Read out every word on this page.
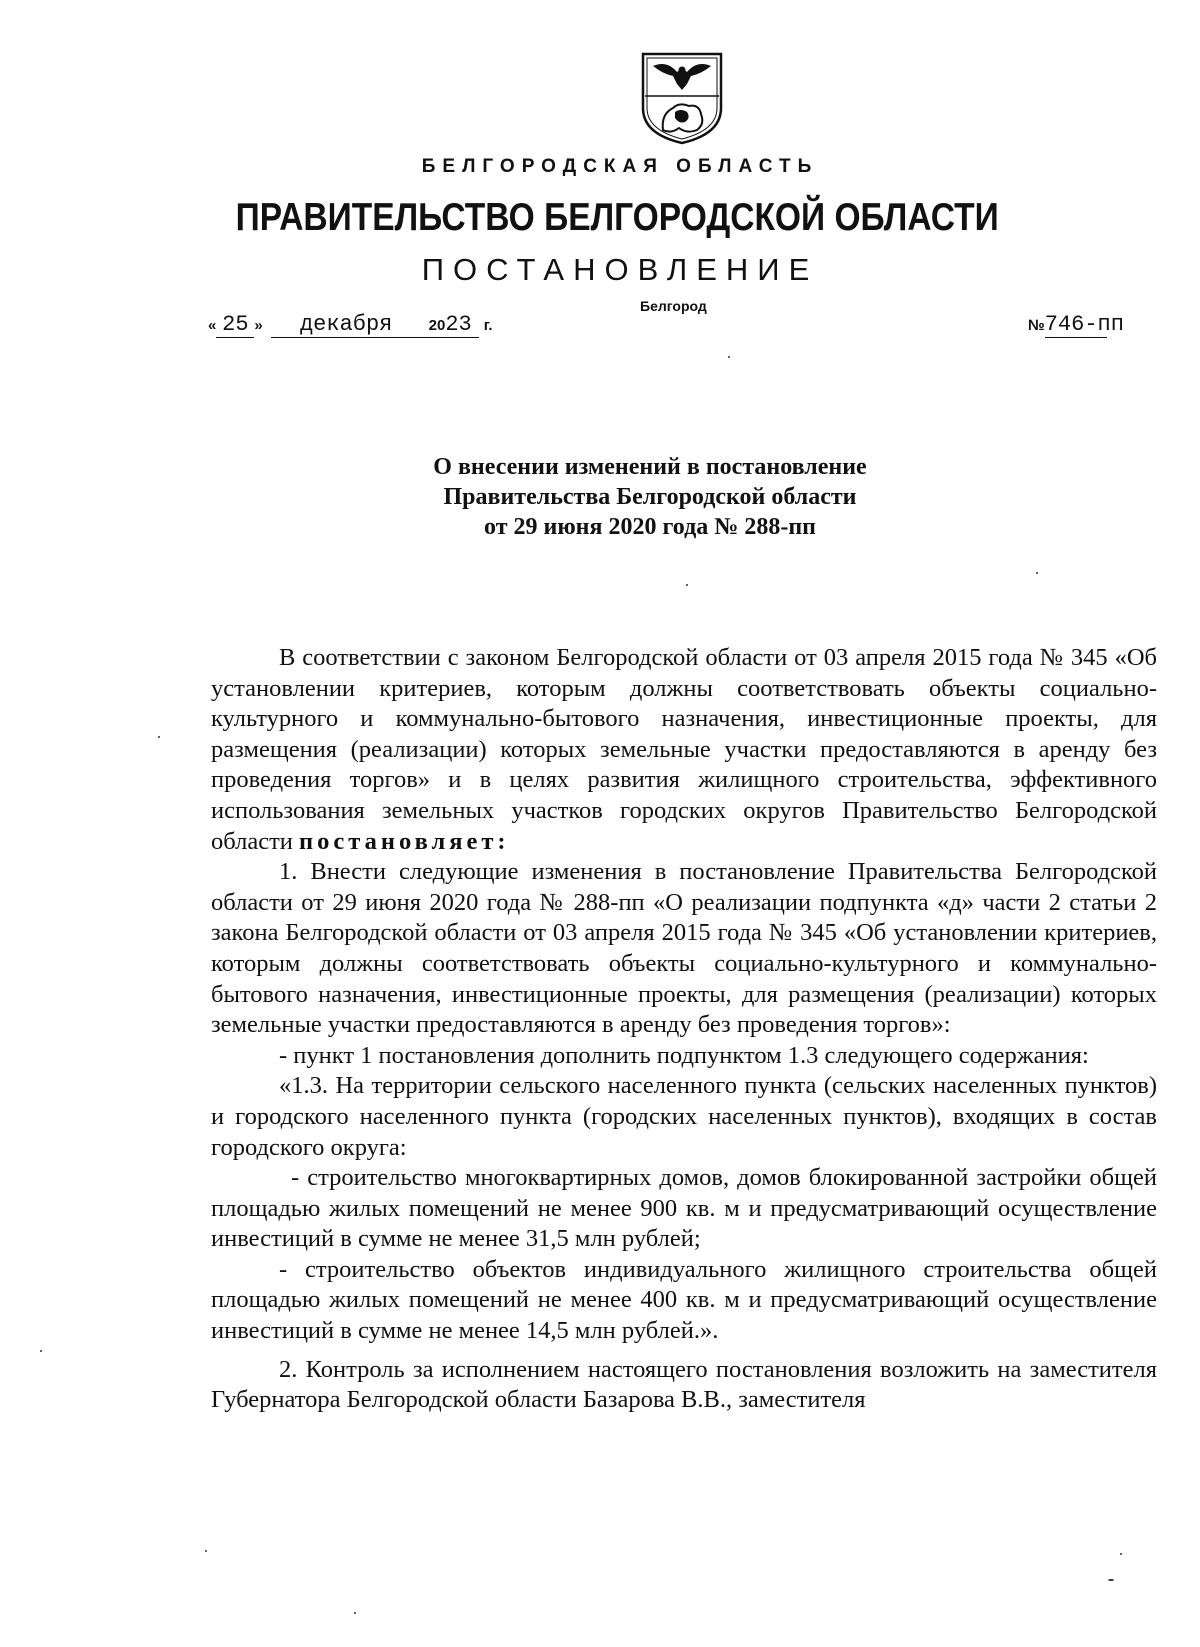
БЕЛГОРОДСКАЯ ОБЛАСТЬ
ПРАВИТЕЛЬСТВО БЕЛГОРОДСКОЙ ОБЛАСТИ
ПОСТАНОВЛЕНИЕ
Белгород
« 25 » декабря 2023 г.	№746-пп
О внесении изменений в постановление
Правительства Белгородской области
от 29 июня 2020 года № 288-пп

В соответствии с законом Белгородской области от 03 апреля 2015 года № 345 «Об установлении критериев, которым должны соответствовать объекты социально-культурного и коммунально-бытового назначения, инвестиционные проекты, для размещения (реализации) которых земельные участки предоставляются в аренду без проведения торгов» и в целях развития жилищного строительства, эффективного использования земельных участков городских округов Правительство Белгородской области постановляет:

1. Внести следующие изменения в постановление Правительства Белгородской области от 29 июня 2020 года № 288-пп «О реализации подпункта «д» части 2 статьи 2 закона Белгородской области от 03 апреля 2015 года № 345 «Об установлении критериев, которым должны соответствовать объекты социально-культурного и коммунально-бытового назначения, инвестиционные проекты, для размещения (реализации) которых земельные участки предоставляются в аренду без проведения торгов»:

- пункт 1 постановления дополнить подпунктом 1.3 следующего содержания:

«1.3. На территории сельского населенного пункта (сельских населенных пунктов) и городского населенного пункта (городских населенных пунктов), входящих в состав городского округа:

- строительство многоквартирных домов, домов блокированной застройки общей площадью жилых помещений не менее 900 кв. м и предусматривающий осуществление инвестиций в сумме не менее 31,5 млн рублей;

- строительство объектов индивидуального жилищного строительства общей площадью жилых помещений не менее 400 кв. м и предусматривающий осуществление инвестиций в сумме не менее 14,5 млн рублей.».

2. Контроль за исполнением настоящего постановления возложить на заместителя Губернатора Белгородской области Базарова В.В., заместителя
